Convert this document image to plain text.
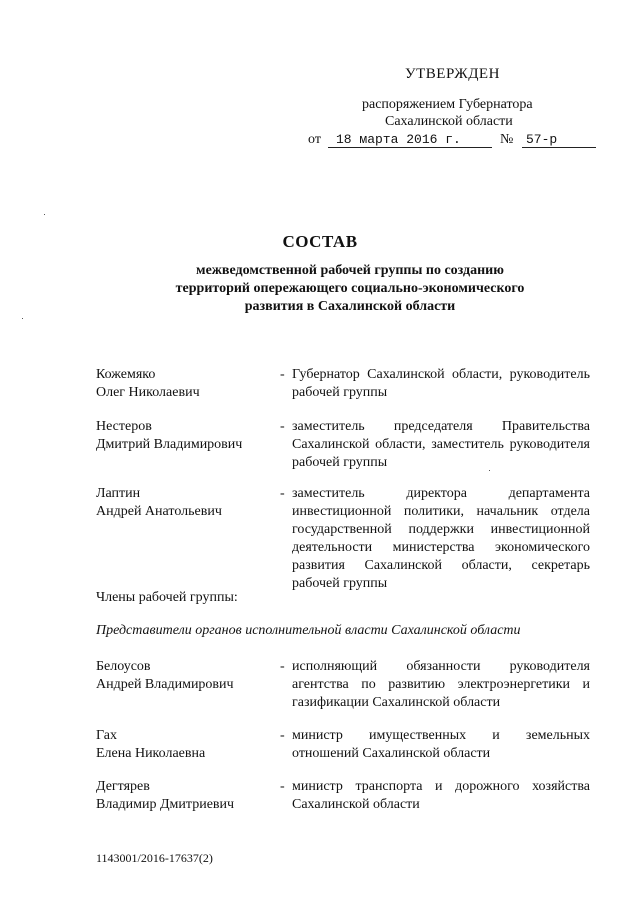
УТВЕРЖДЕН
распоряжением Губернатора
Сахалинской области
от	18 марта 2016 г.	№ 57-р
СОСТАВ
межведомственной рабочей группы по созданию территорий опережающего социально-экономического развития в Сахалинской области
Кожемяко
Олег Николаевич
- Губернатор Сахалинской области, руководитель рабочей группы
Нестеров
Дмитрий Владимирович
- заместитель председателя Правительства Сахалинской области, заместитель руководителя рабочей группы
Лаптин
Андрей Анатольевич
- заместитель директора департамента инвестиционной политики, начальник отдела государственной поддержки инвестиционной деятельности министерства экономического развития Сахалинской области, секретарь рабочей группы
Члены рабочей группы:
Представители органов исполнительной власти Сахалинской области
Белоусов
Андрей Владимирович
- исполняющий обязанности руководителя агентства по развитию электроэнергетики и газификации Сахалинской области
Гах
Елена Николаевна
- министр имущественных и земельных отношений Сахалинской области
Дегтярев
Владимир Дмитриевич
- министр транспорта и дорожного хозяйства Сахалинской области
1143001/2016-17637(2)
